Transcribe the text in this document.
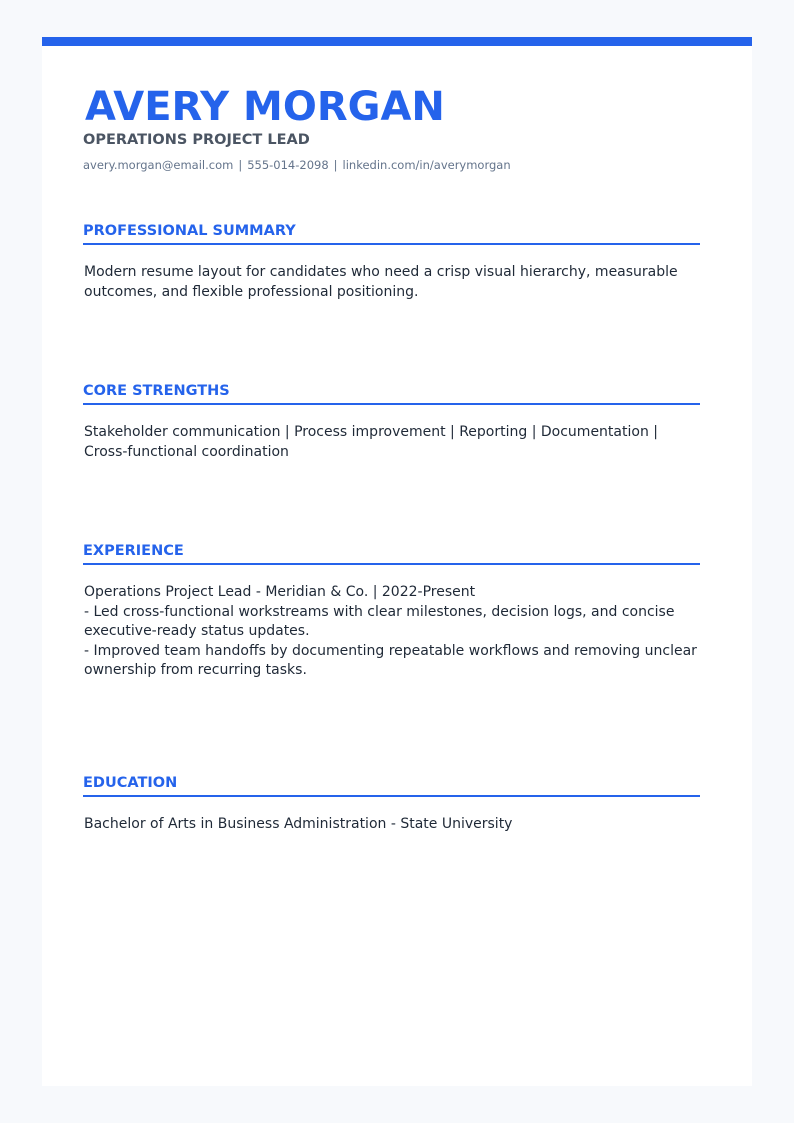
AVERY MORGAN
OPERATIONS PROJECT LEAD
avery.morgan@email.com | 555-014-2098 | linkedin.com/in/averymorgan
PROFESSIONAL SUMMARY
Modern resume layout for candidates who need a crisp visual hierarchy, measurable outcomes, and flexible professional positioning.
CORE STRENGTHS
Stakeholder communication | Process improvement | Reporting | Documentation | Cross-functional coordination
EXPERIENCE
Operations Project Lead - Meridian & Co. | 2022-Present
- Led cross-functional workstreams with clear milestones, decision logs, and concise executive-ready status updates.
- Improved team handoffs by documenting repeatable workflows and removing unclear ownership from recurring tasks.
EDUCATION
Bachelor of Arts in Business Administration - State University
